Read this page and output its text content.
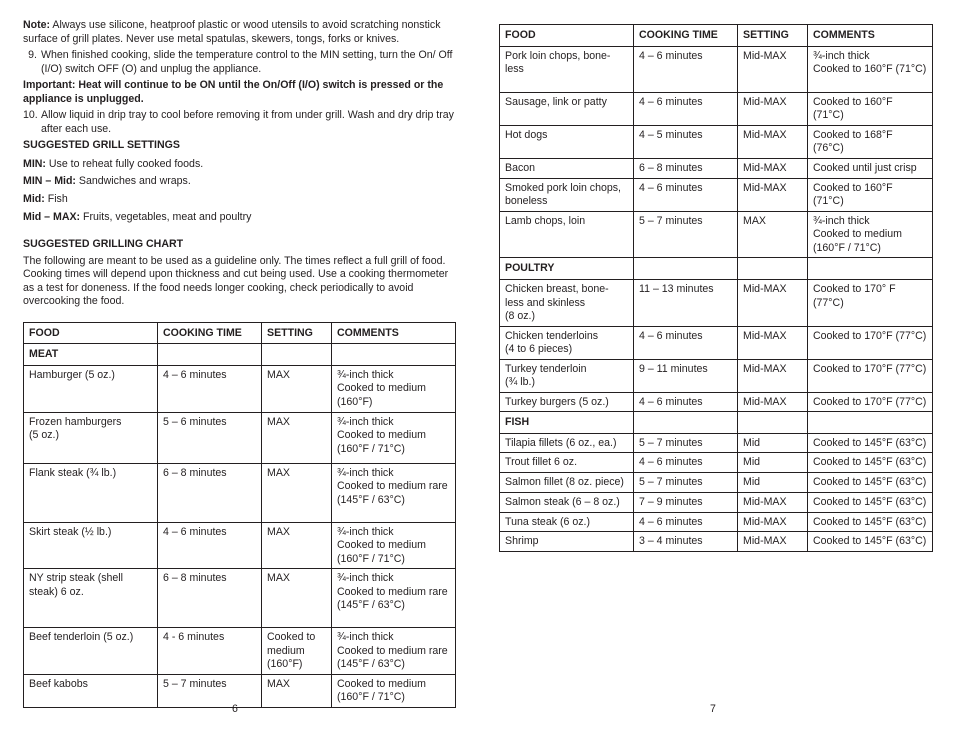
Note: Always use silicone, heatproof plastic or wood utensils to avoid scratching nonstick surface of grill plates. Never use metal spatulas, skewers, tongs, forks or knives.

9. When finished cooking, slide the temperature control to the MIN setting, turn the On/ Off (I/O) switch OFF (O) and unplug the appliance.

Important: Heat will continue to be ON until the On/Off (I/O) switch is pressed or the appliance is unplugged.

10. Allow liquid in drip tray to cool before removing it from under grill. Wash and dry drip tray after each use.

SUGGESTED GRILL SETTINGS

MIN: Use to reheat fully cooked foods.

MIN – Mid: Sandwiches and wraps.

Mid: Fish

Mid – MAX: Fruits, vegetables, meat and poultry

SUGGESTED GRILLING CHART

The following are meant to be used as a guideline only. The times reflect a full grill of food. Cooking times will depend upon thickness and cut being used. Use a cooking thermometer as a test for doneness. If the food needs longer cooking, check periodically to avoid overcooking the food.

FOOD	COOKING TIME	SETTING	COMMENTS
MEAT			
Hamburger (5 oz.)	4 – 6 minutes	MAX	¾-inch thick
Cooked to medium
(160°F)
Frozen hamburgers
(5 oz.)	5 – 6 minutes	MAX	¾-inch thick
Cooked to medium
(160°F / 71°C)
Flank steak (¾ lb.)	6 – 8 minutes	MAX	¾-inch thick
Cooked to medium rare
(145°F / 63°C)
Skirt steak (½ lb.)	4 – 6 minutes	MAX	¾-inch thick
Cooked to medium
(160°F / 71°C)
NY strip steak (shell
steak) 6 oz.	6 – 8 minutes	MAX	¾-inch thick
Cooked to medium rare
(145°F / 63°C)
Beef tenderloin (5 oz.)	4 - 6 minutes	Cooked to
medium
(160°F)	¾-inch thick
Cooked to medium rare
(145°F / 63°C)
Beef kabobs	5 – 7 minutes	MAX	Cooked to medium
(160°F / 71°C)
6
FOOD	COOKING TIME	SETTING	COMMENTS
Pork loin chops, bone-
less	4 – 6 minutes	Mid-MAX	¾-inch thick
Cooked to 160°F (71°C)
Sausage, link or patty	4 – 6 minutes	Mid-MAX	Cooked to 160°F
(71°C)
Hot dogs	4 – 5 minutes	Mid-MAX	Cooked to 168°F
(76°C)
Bacon	6 – 8 minutes	Mid-MAX	Cooked until just crisp
Smoked pork loin chops,
boneless	4 – 6 minutes	Mid-MAX	Cooked to 160°F
(71°C)
Lamb chops, loin	5 – 7 minutes	MAX	¾-inch thick
Cooked to medium
(160°F / 71°C)
POULTRY			
Chicken breast, bone-
less and skinless
(8 oz.)	11 – 13 minutes	Mid-MAX	Cooked to 170° F (77°C)
Chicken tenderloins
(4 to 6 pieces)	4 – 6 minutes	Mid-MAX	Cooked to 170°F (77°C)
Turkey tenderloin
(¾ lb.)	9 – 11 minutes	Mid-MAX	Cooked to 170°F (77°C)
Turkey burgers (5 oz.)	4 – 6 minutes	Mid-MAX	Cooked to 170°F (77°C)
FISH			
Tilapia fillets (6 oz., ea.)	5 – 7 minutes	Mid	Cooked to 145°F (63°C)
Trout fillet 6 oz.	4 – 6 minutes	Mid	Cooked to 145°F (63°C)
Salmon fillet (8 oz. piece)	5 – 7 minutes	Mid	Cooked to 145°F (63°C)
Salmon steak (6 – 8 oz.)	7 – 9 minutes	Mid-MAX	Cooked to 145°F (63°C)
Tuna steak (6 oz.)	4 – 6 minutes	Mid-MAX	Cooked to 145°F (63°C)
Shrimp	3 – 4 minutes	Mid-MAX	Cooked to 145°F (63°C)
7
